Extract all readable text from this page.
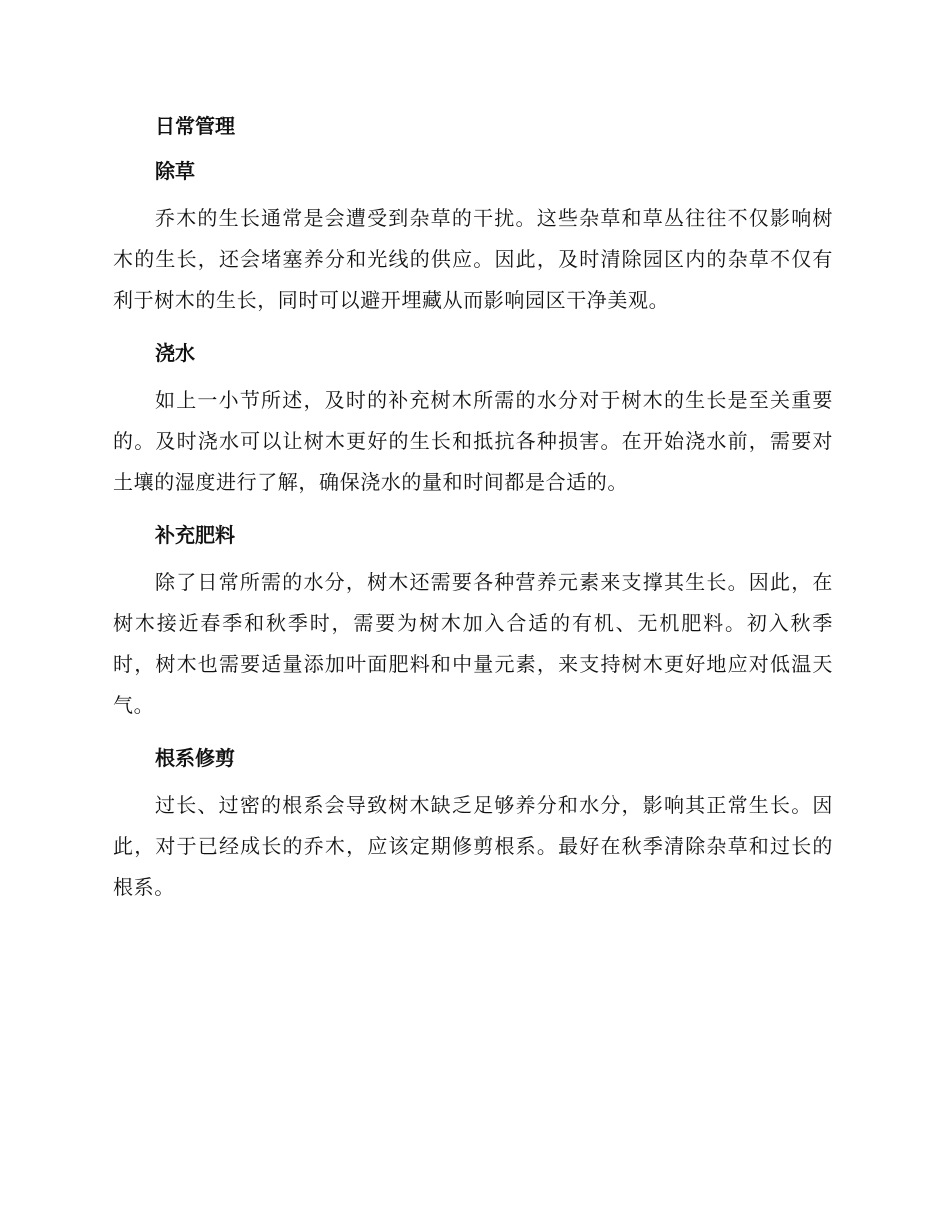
日常管理
除草

乔木的生长通常是会遭受到杂草的干扰。这些杂草和草丛往往不仅影响树木的生长，还会堵塞养分和光线的供应。因此，及时清除园区内的杂草不仅有利于树木的生长，同时可以避开埋藏从而影响园区干净美观。

浇水

如上一小节所述，及时的补充树木所需的水分对于树木的生长是至关重要的。及时浇水可以让树木更好的生长和抵抗各种损害。在开始浇水前，需要对土壤的湿度进行了解，确保浇水的量和时间都是合适的。

补充肥料

除了日常所需的水分，树木还需要各种营养元素来支撑其生长。因此，在树木接近春季和秋季时，需要为树木加入合适的有机、无机肥料。初入秋季时，树木也需要适量添加叶面肥料和中量元素，来支持树木更好地应对低温天气。

根系修剪

过长、过密的根系会导致树木缺乏足够养分和水分，影响其正常生长。因此，对于已经成长的乔木，应该定期修剪根系。最好在秋季清除杂草和过长的根系。
